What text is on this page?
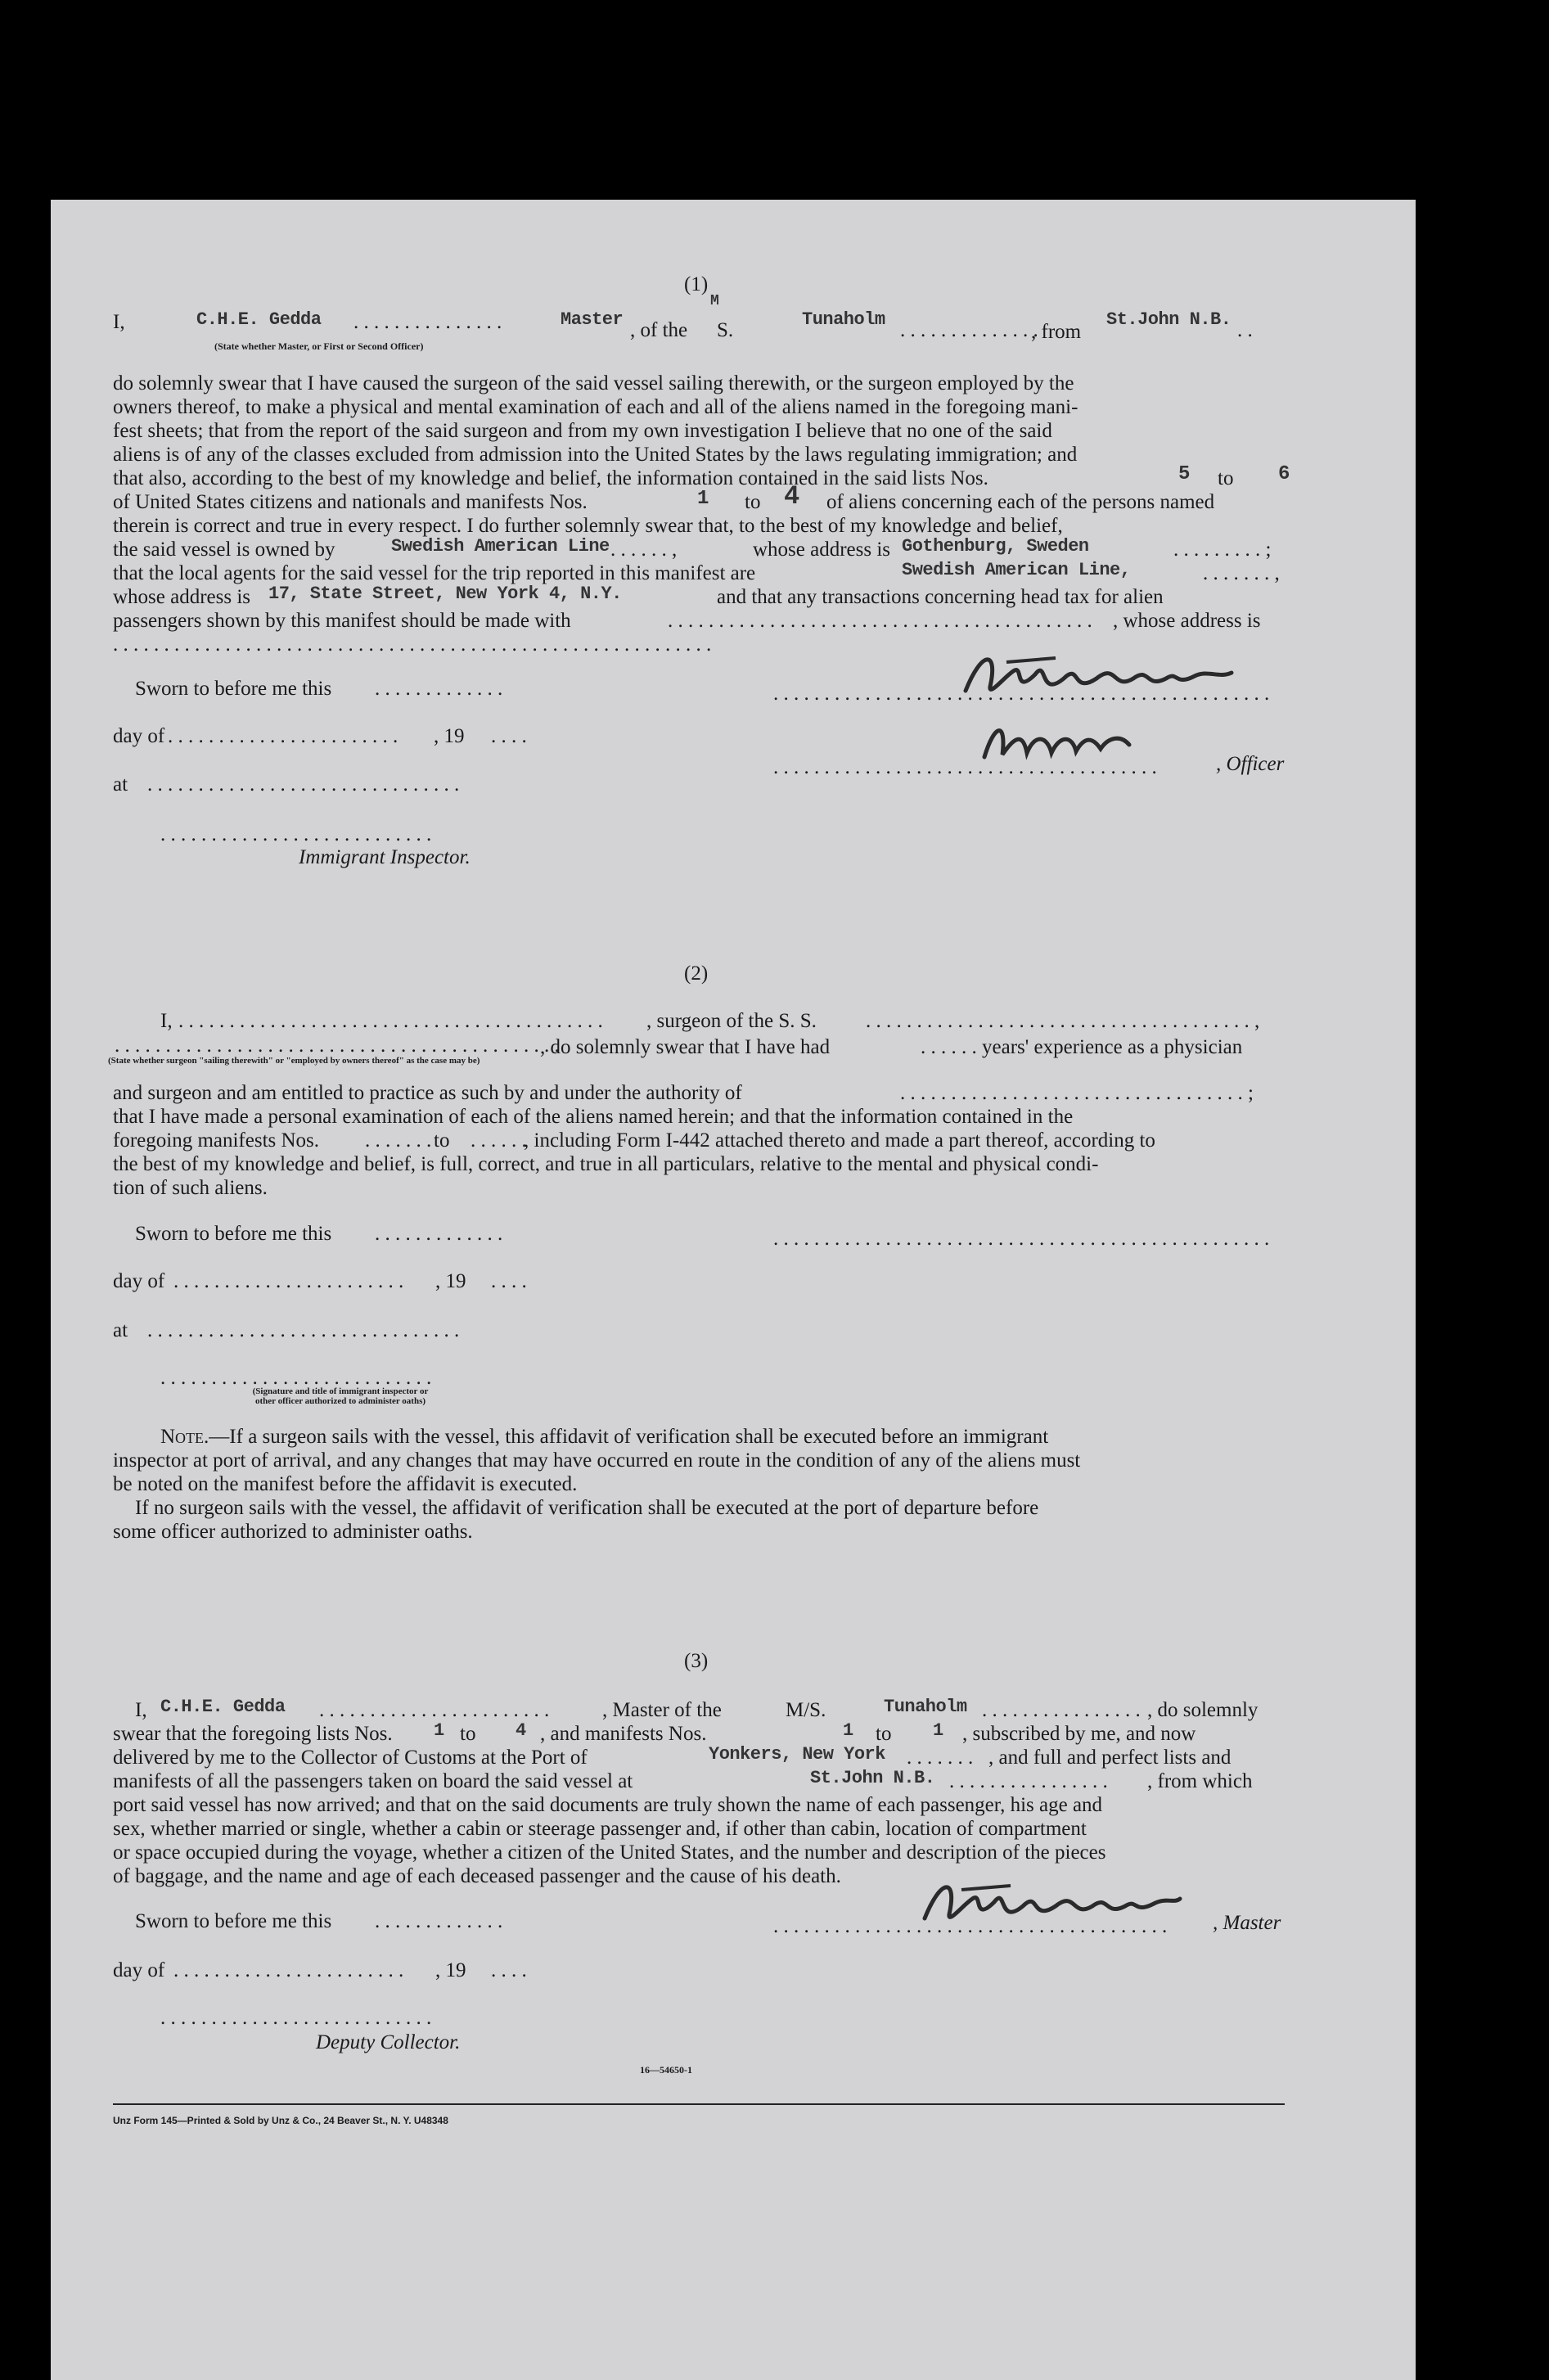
(1)
I,	C.H.E. Gedda . . . . . . . . . . . . . . .	Master , of the
M
S.	Tunaholm . . . . . . . . . . . . . .
, from
St.John N.B. . .
(State whether Master, or First or Second Officer)
do solemnly swear that I have caused the surgeon of the said vessel sailing therewith, or the surgeon employed by the
owners thereof, to make a physical and mental examination of each and all of the aliens named in the foregoing mani-
fest sheets; that from the report of the said surgeon and from my own investigation I believe that no one of the said
aliens is of any of the classes excluded from admission into the United States by the laws regulating immigration; and
that also, according to the best of my knowledge and belief, the information contained in the said lists Nos.	5 to 6
of United States citizens and nationals and manifests Nos.	1 to 4 of aliens concerning each of the persons named
therein is correct and true in every respect. I do further solemnly swear that, to the best of my knowledge and belief,
the said vessel is owned by	Swedish American Line . . . . . . ,	whose address is Gothenburg, Sweden	. . . . . . . . . ;
that the local agents for the said vessel for the trip reported in this manifest are	Swedish American Line,	. . . . . . . ,
whose address is 17, State Street, New York 4, N.Y.	and that any transactions concerning head tax for alien
passengers shown by this manifest should be made with	. . . . . . . . . . . . . . . . . . . . . . . . . . . . . . . . . . . . . . . . . . , whose address is
. . . . . . . . . . . . . . . . . . . . . . . . . . . . . . . . . . . . . . . . . . . . . . . . . . . . . . . . . . .
Sworn to before me this . . . . . . . . . . . . .	. . . . . . . . . . . . . . . . . . . . . . . . . . . . . . . . . . . . . . . . . . . . . . . . .
day of . . . . . . . . . . . . . . . . . . . . . . . , 19 . . . .
. . . . . . . . . . . . . . . . . . . . . . . . . . . . . . . . . . . . . .	, Officer
at . . . . . . . . . . . . . . . . . . . . . . . . . . . . . . .
. . . . . . . . . . . . . . . . . . . . . . . . . . .
Immigrant Inspector.
(2)
I, . . . . . . . . . . . . . . . . . . . . . . . . . . . . . . . . . . . . . . . . . . , surgeon of the S. S. . . . . . . . . . . . . . . . . . . . . . . . . . . . . . . . . . . . . . . ,
. . . . . . . . . . . . . . . . . . . . . . . . . . . . . . . . . . . . . . . . . . . .
, do solemnly swear that I have had	. . . . . . years' experience as a physician
(State whether surgeon "sailing therewith" or "employed by owners thereof" as the case may be)
and surgeon and am entitled to practice as such by and under the authority of	. . . . . . . . . . . . . . . . . . . . . . . . . . . . . . . . . . ;
that I have made a personal examination of each of the aliens named herein; and that the information contained in the
foregoing manifests Nos. . . . . . . . to . . . . . .
, including Form I-442 attached thereto and made a part thereof, according to
the best of my knowledge and belief, is full, correct, and true in all particulars, relative to the mental and physical condi-
tion of such aliens.
Sworn to before me this . . . . . . . . . . . . .	. . . . . . . . . . . . . . . . . . . . . . . . . . . . . . . . . . . . . . . . . . . . . . . . .
day of . . . . . . . . . . . . . . . . . . . . . . . , 19 . . . .
at . . . . . . . . . . . . . . . . . . . . . . . . . . . . . . .
. . . . . . . . . . . . . . . . . . . . . . . . . . .
(Signature and title of immigrant inspector or
other officer authorized to administer oaths)
Note.—If a surgeon sails with the vessel, this affidavit of verification shall be executed before an immigrant
inspector at port of arrival, and any changes that may have occurred en route in the condition of any of the aliens must
be noted on the manifest before the affidavit is executed.
If no surgeon sails with the vessel, the affidavit of verification shall be executed at the port of departure before
some officer authorized to administer oaths.
(3)
I, C.H.E. Gedda . . . . . . . . . . . . . . . . . . . . . . .	, Master of the	M/S.	Tunaholm . . . . . . . . . . . . . . . . , do solemnly
swear that the foregoing lists Nos. 1 to 4 , and manifests Nos.	1 to 1 , subscribed by me, and now
delivered by me to the Collector of Customs at the Port of	Yonkers, New York . . . . . . . , and full and perfect lists and
manifests of all the passengers taken on board the said vessel at	St.John N.B. . . . . . . . . . . . . . . . . , from which
port said vessel has now arrived; and that on the said documents are truly shown the name of each passenger, his age and
sex, whether married or single, whether a cabin or steerage passenger and, if other than cabin, location of compartment
or space occupied during the voyage, whether a citizen of the United States, and the number and description of the pieces
of baggage, and the name and age of each deceased passenger and the cause of his death.
Sworn to before me this . . . . . . . . . . . . .	. . . . . . . . . . . . . . . . . . . . . . . . . . . . . . . . . . . . . . . , Master
day of . . . . . . . . . . . . . . . . . . . . . . . , 19 . . . .
. . . . . . . . . . . . . . . . . . . . . . . . . . .
Deputy Collector.
16—54650-1
Unz Form 145—Printed & Sold by Unz & Co., 24 Beaver St., N. Y. U48348
